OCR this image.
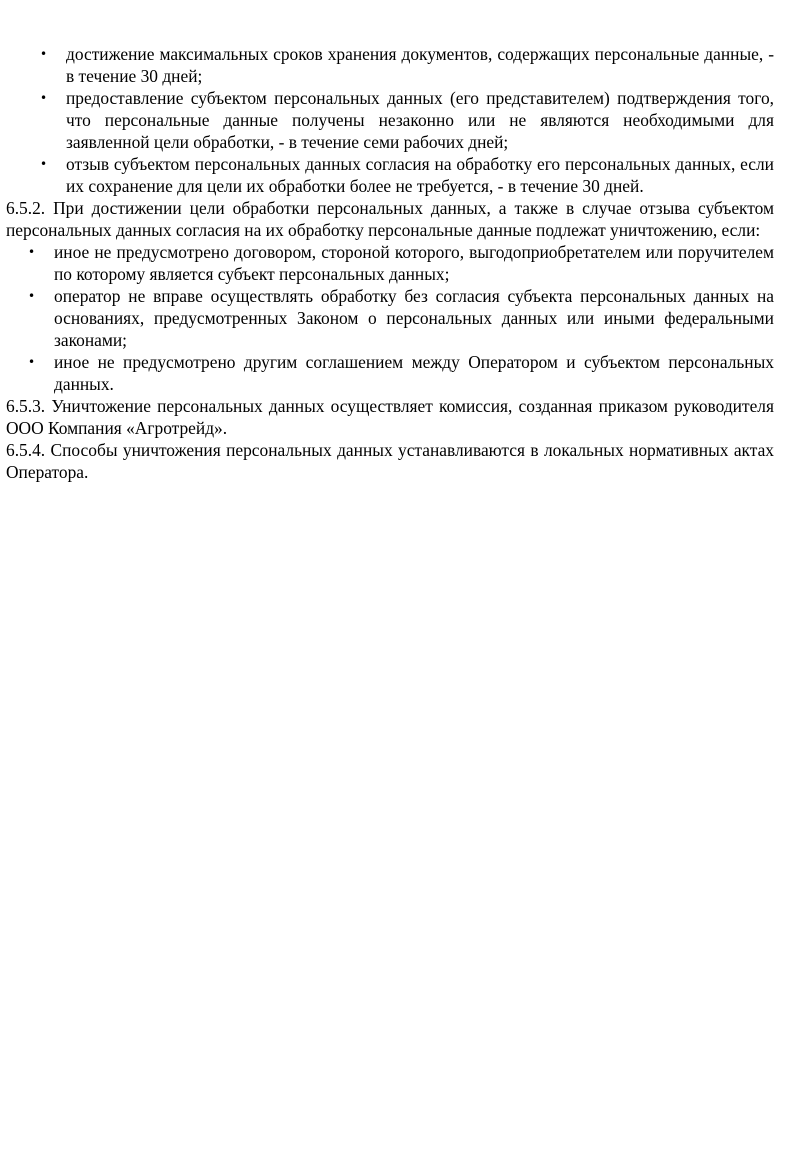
• достижение максимальных сроков хранения документов, содержащих персональные данные, - в течение 30 дней;
• предоставление субъектом персональных данных (его представителем) подтверждения того, что персональные данные получены незаконно или не являются необходимыми для заявленной цели обработки, - в течение семи рабочих дней;
• отзыв субъектом персональных данных согласия на обработку его персональных данных, если их сохранение для цели их обработки более не требуется, - в течение 30 дней.

6.5.2. При достижении цели обработки персональных данных, а также в случае отзыва субъектом персональных данных согласия на их обработку персональные данные подлежат уничтожению, если:

• иное не предусмотрено договором, стороной которого, выгодоприобретателем или поручителем по которому является субъект персональных данных;
• оператор не вправе осуществлять обработку без согласия субъекта персональных данных на основаниях, предусмотренных Законом о персональных данных или иными федеральными законами;
• иное не предусмотрено другим соглашением между Оператором и субъектом персональных данных.

6.5.3. Уничтожение персональных данных осуществляет комиссия, созданная приказом руководителя ООО Компания «Агротрейд».

6.5.4. Способы уничтожения персональных данных устанавливаются в локальных нормативных актах Оператора.
